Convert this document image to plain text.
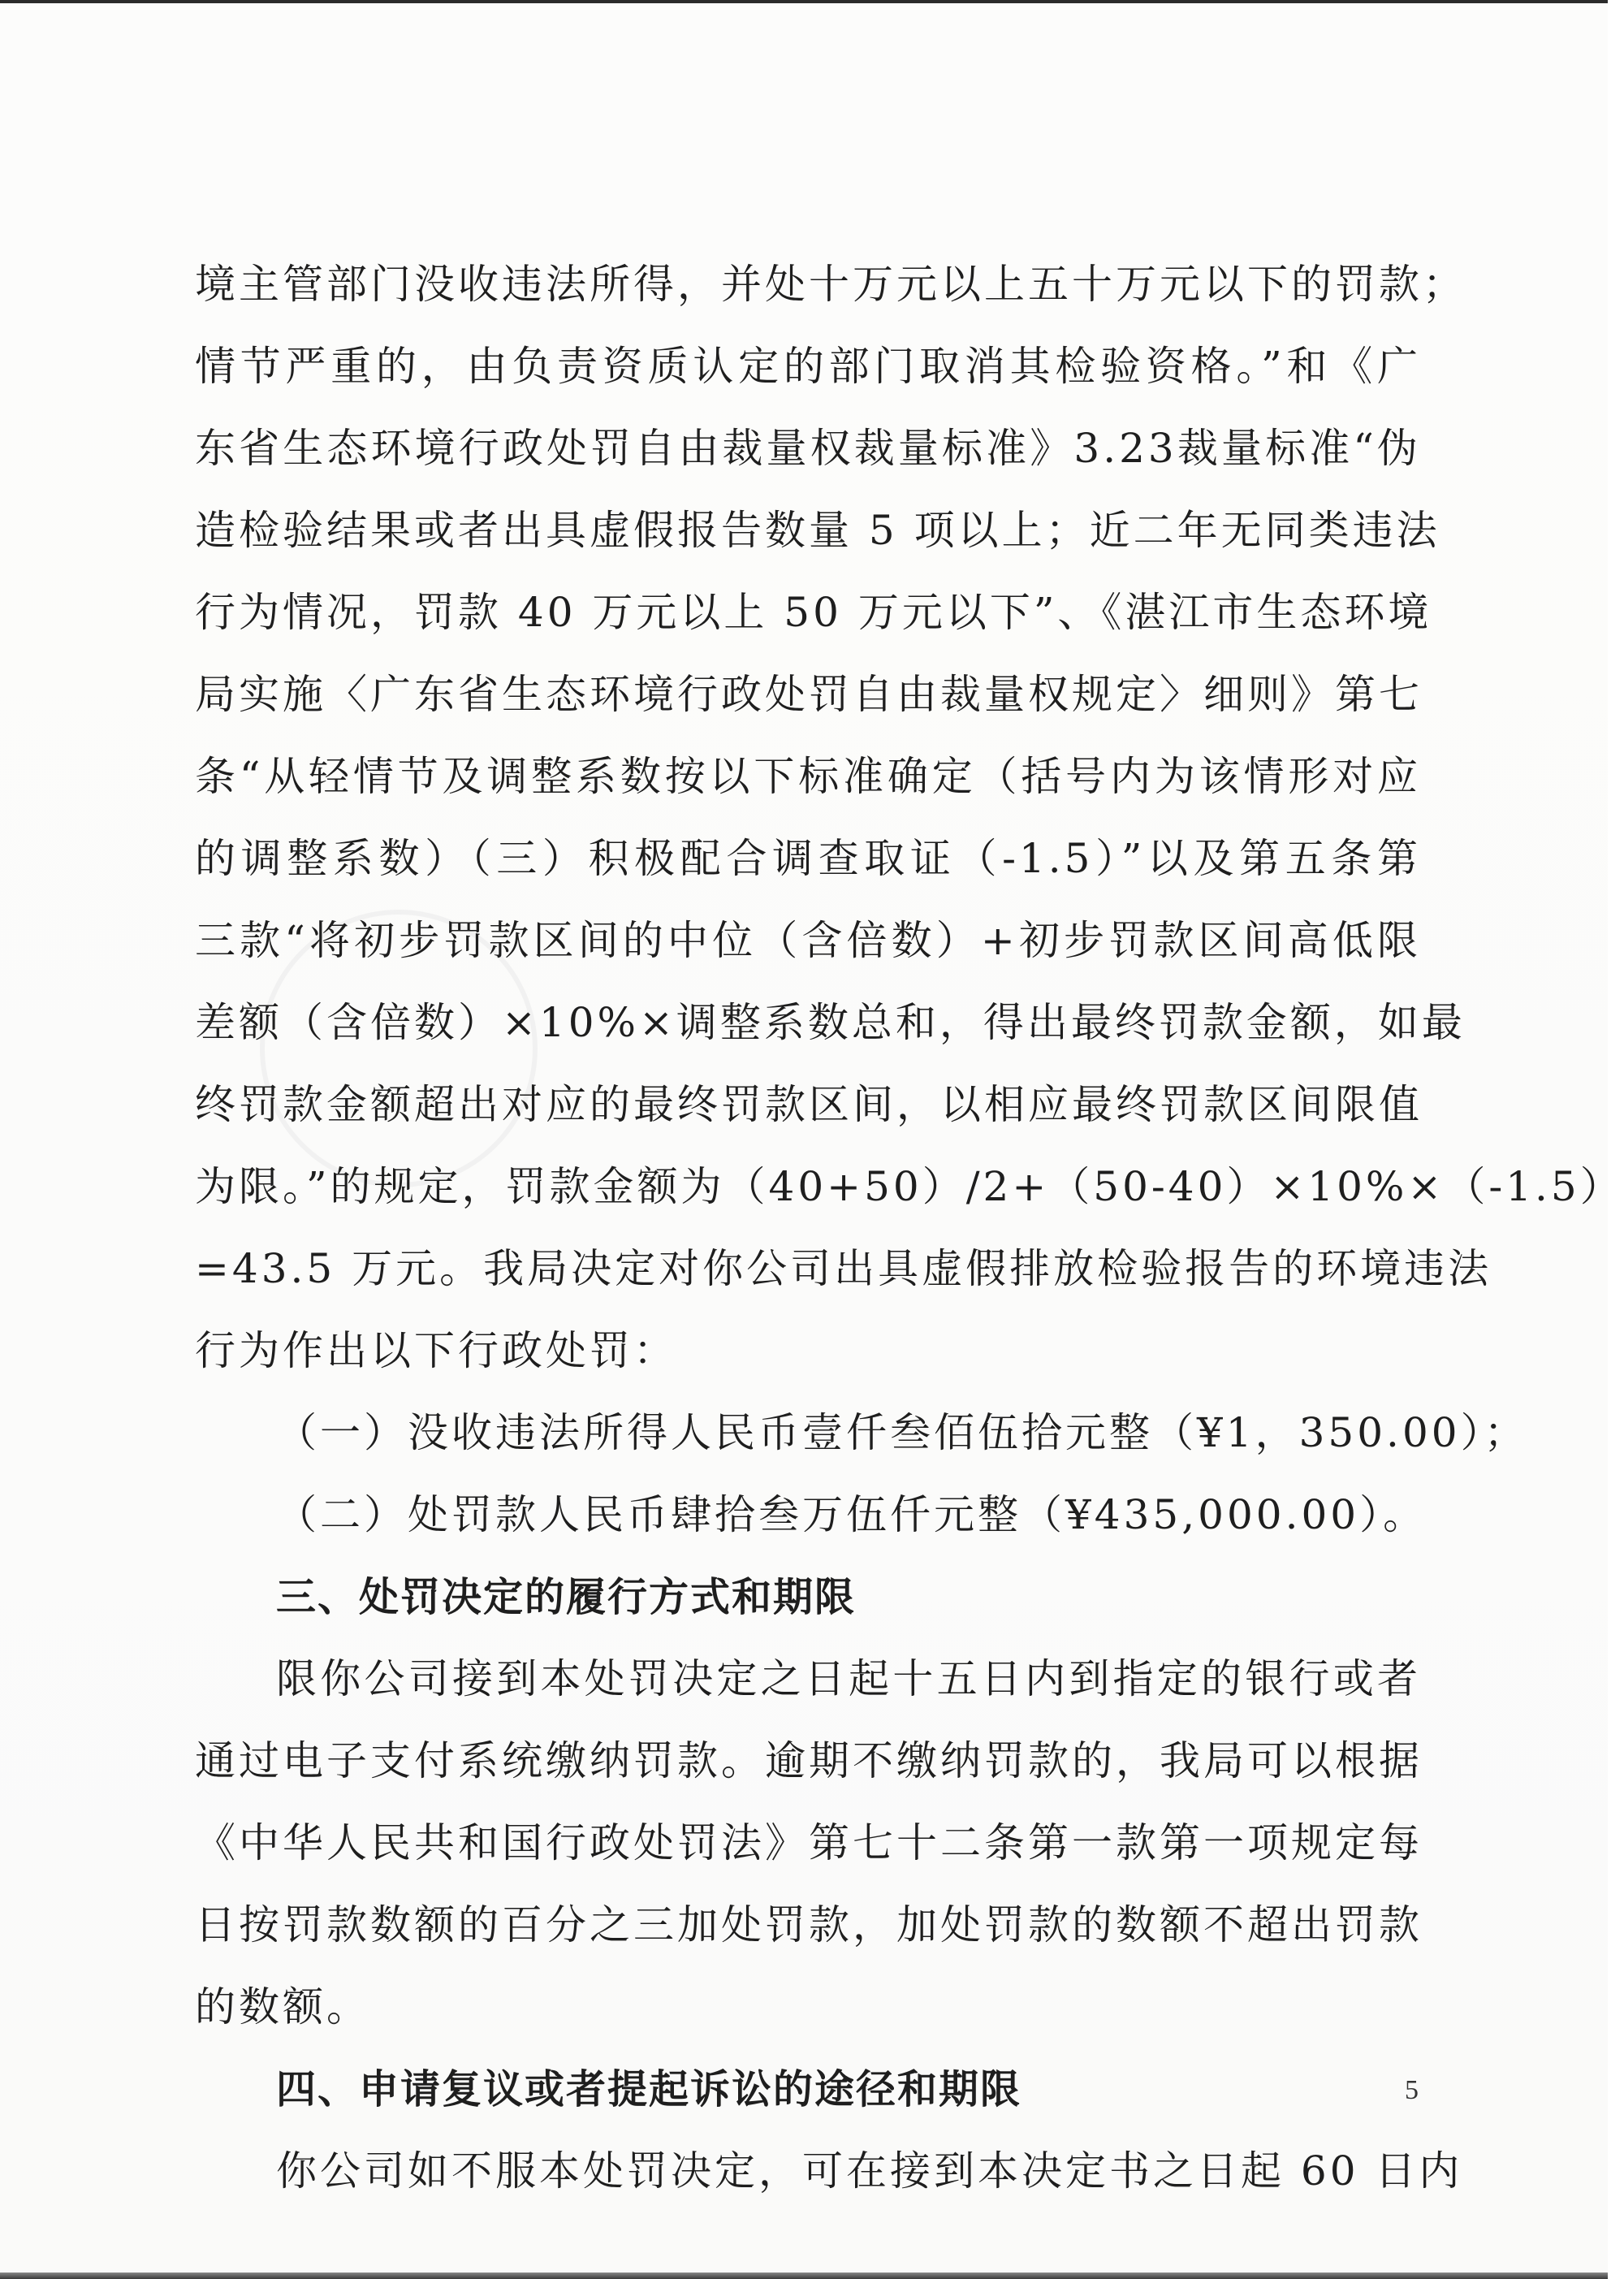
境主管部门没收违法所得，并处十万元以上五十万元以下的罚款；
情节严重的，由负责资质认定的部门取消其检验资格。”和《广
东省生态环境行政处罚自由裁量权裁量标准》3.23裁量标准“伪
造检验结果或者出具虚假报告数量 5 项以上；近二年无同类违法
行为情况，罚款 40 万元以上 50 万元以下”、《湛江市生态环境
局实施〈广东省生态环境行政处罚自由裁量权规定〉细则》第七
条“从轻情节及调整系数按以下标准确定（括号内为该情形对应
的调整系数）（三）积极配合调查取证（-1.5）”以及第五条第
三款“将初步罚款区间的中位（含倍数）+初步罚款区间高低限
差额（含倍数）×10%×调整系数总和，得出最终罚款金额，如最
终罚款金额超出对应的最终罚款区间，以相应最终罚款区间限值
为限。”的规定，罚款金额为（40+50）/2+（50-40）×10%×（-1.5）
=43.5 万元。我局决定对你公司出具虚假排放检验报告的环境违法
行为作出以下行政处罚：
（一）没收违法所得人民币壹仟叁佰伍拾元整（¥1，350.00）；
（二）处罚款人民币肆拾叁万伍仟元整（¥435,000.00）。
三、处罚决定的履行方式和期限
限你公司接到本处罚决定之日起十五日内到指定的银行或者
通过电子支付系统缴纳罚款。逾期不缴纳罚款的，我局可以根据
《中华人民共和国行政处罚法》第七十二条第一款第一项规定每
日按罚款数额的百分之三加处罚款，加处罚款的数额不超出罚款
的数额。
四、申请复议或者提起诉讼的途径和期限
你公司如不服本处罚决定，可在接到本决定书之日起 60 日内
5
